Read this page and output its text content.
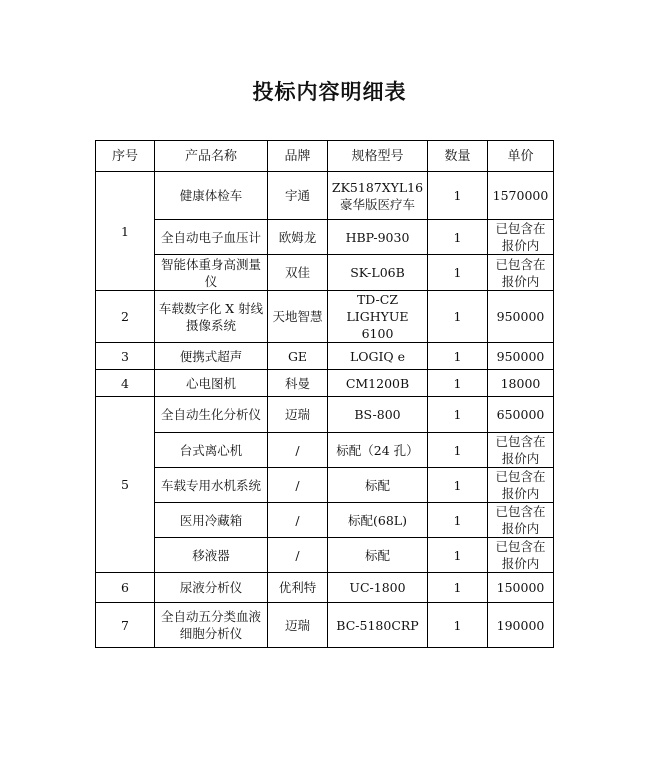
投标内容明细表
序号	产品名称	品牌	规格型号	数量	单价
1	健康体检车	宇通	ZK5187XYL16 豪华版医疗车	1	1570000
	全自动电子血压计	欧姆龙	HBP-9030	1	已包含在报价内
	智能体重身高测量仪	双佳	SK-L06B	1	已包含在报价内
2	车载数字化 X 射线摄像系统	天地智慧	TD-CZ LIGHYUE 6100	1	950000
3	便携式超声	GE	LOGIQ e	1	950000
4	心电图机	科曼	CM1200B	1	18000
5	全自动生化分析仪	迈瑞	BS-800	1	650000
	台式离心机	/	标配（24 孔）	1	已包含在报价内
	车载专用水机系统	/	标配	1	已包含在报价内
	医用冷藏箱	/	标配(68L)	1	已包含在报价内
	移液器	/	标配	1	已包含在报价内
6	尿液分析仪	优利特	UC-1800	1	150000
7	全自动五分类血液细胞分析仪	迈瑞	BC-5180CRP	1	190000
